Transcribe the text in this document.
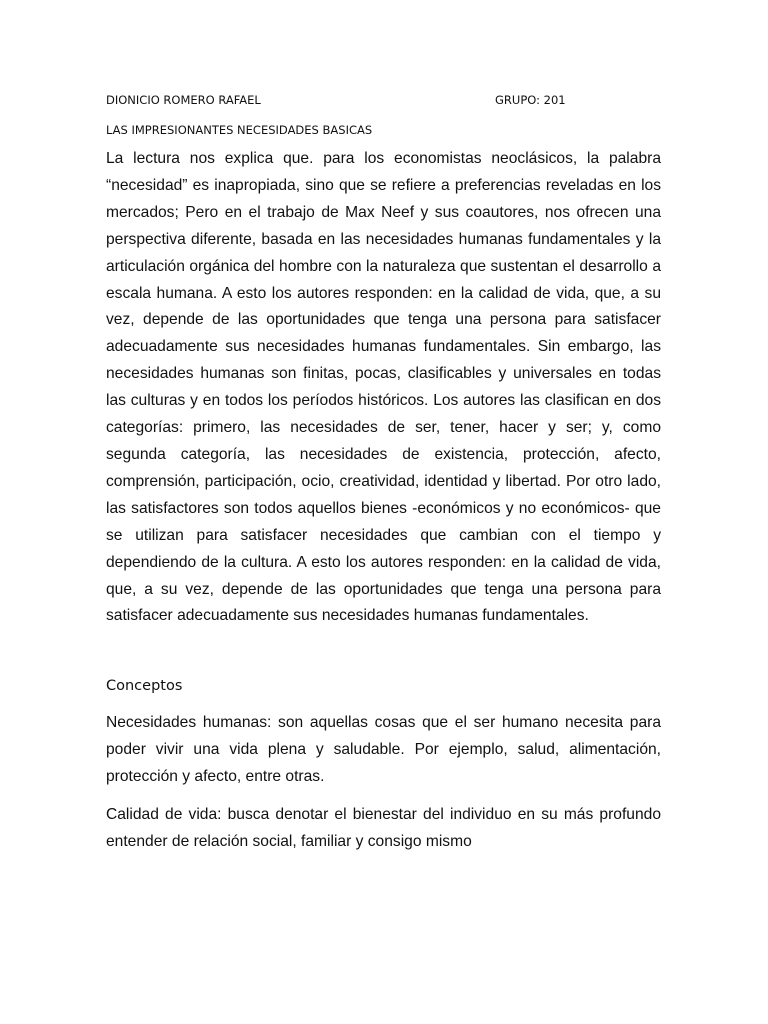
DIONICIO ROMERO RAFAEL	GRUPO: 201
LAS IMPRESIONANTES NECESIDADES BASICAS

La lectura nos explica que. para los economistas neoclásicos, la palabra “necesidad” es inapropiada, sino que se refiere a preferencias reveladas en los mercados; Pero en el trabajo de Max Neef y sus coautores, nos ofrecen una perspectiva diferente, basada en las necesidades humanas fundamentales y la articulación orgánica del hombre con la naturaleza que sustentan el desarrollo a escala humana. A esto los autores responden: en la calidad de vida, que, a su vez, depende de las oportunidades que tenga una persona para satisfacer adecuadamente sus necesidades humanas fundamentales. Sin embargo, las necesidades humanas son finitas, pocas, clasificables y universales en todas las culturas y en todos los períodos históricos. Los autores las clasifican en dos categorías: primero, las necesidades de ser, tener, hacer y ser; y, como segunda categoría, las necesidades de existencia, protección, afecto, comprensión, participación, ocio, creatividad, identidad y libertad. Por otro lado, las satisfactores son todos aquellos bienes -económicos y no económicos- que se utilizan para satisfacer necesidades que cambian con el tiempo y dependiendo de la cultura. A esto los autores responden: en la calidad de vida, que, a su vez, depende de las oportunidades que tenga una persona para satisfacer adecuadamente sus necesidades humanas fundamentales.

Conceptos

Necesidades humanas: son aquellas cosas que el ser humano necesita para poder vivir una vida plena y saludable. Por ejemplo, salud, alimentación, protección y afecto, entre otras.

Calidad de vida: busca denotar el bienestar del individuo en su más profundo entender de relación social, familiar y consigo mismo
